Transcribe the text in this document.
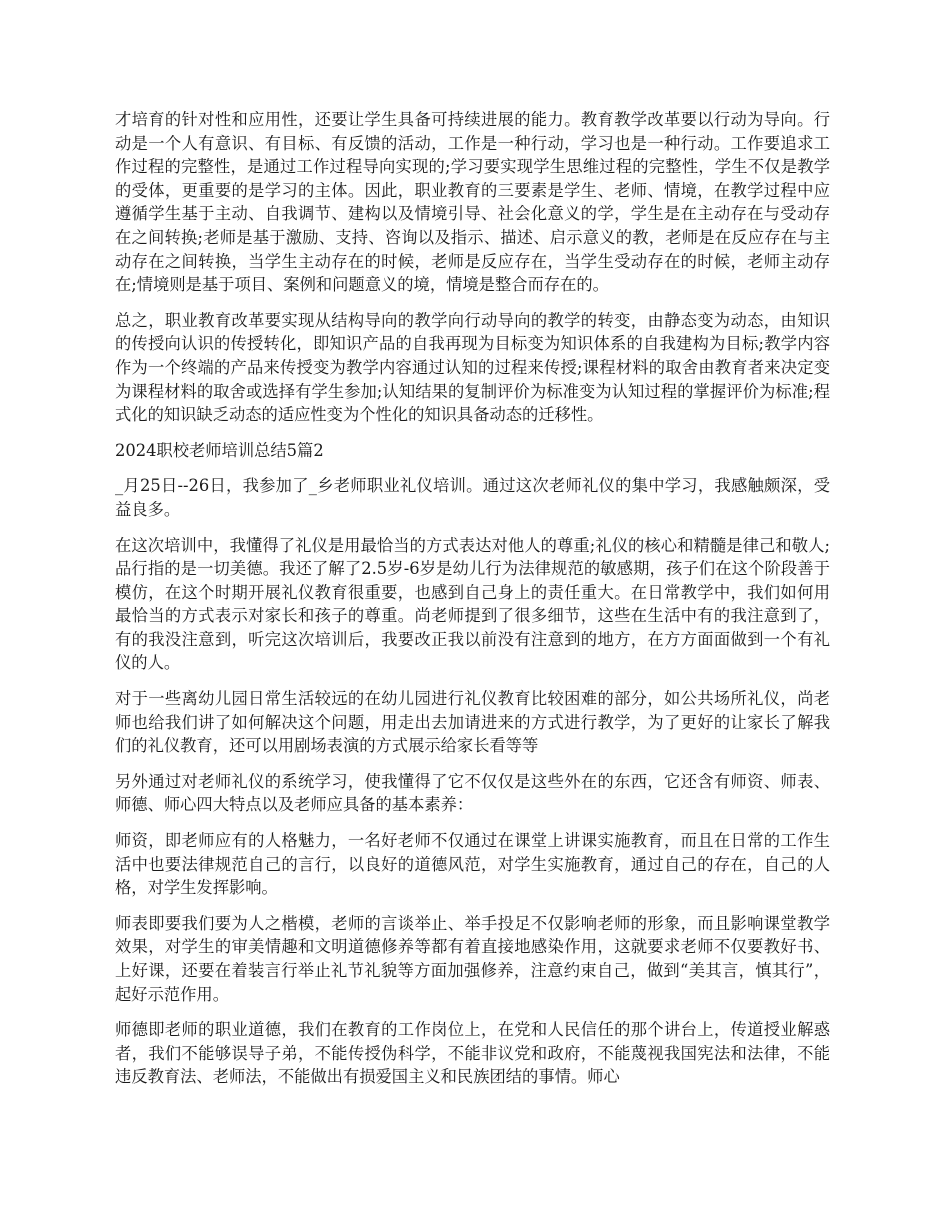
才培育的针对性和应用性，还要让学生具备可持续进展的能力。教育教学改革要以行动为导向。行动是一个人有意识、有目标、有反馈的活动，工作是一种行动，学习也是一种行动。工作要追求工作过程的完整性，是通过工作过程导向实现的;学习要实现学生思维过程的完整性，学生不仅是教学的受体，更重要的是学习的主体。因此，职业教育的三要素是学生、老师、情境，在教学过程中应遵循学生基于主动、自我调节、建构以及情境引导、社会化意义的学，学生是在主动存在与受动存在之间转换;老师是基于激励、支持、咨询以及指示、描述、启示意义的教，老师是在反应存在与主动存在之间转换，当学生主动存在的时候，老师是反应存在，当学生受动存在的时候，老师主动存在;情境则是基于项目、案例和问题意义的境，情境是整合而存在的。

总之，职业教育改革要实现从结构导向的教学向行动导向的教学的转变，由静态变为动态，由知识的传授向认识的传授转化，即知识产品的自我再现为目标变为知识体系的自我建构为目标;教学内容作为一个终端的产品来传授变为教学内容通过认知的过程来传授;课程材料的取舍由教育者来决定变为课程材料的取舍或选择有学生参加;认知结果的复制评价为标准变为认知过程的掌握评价为标准;程式化的知识缺乏动态的适应性变为个性化的知识具备动态的迁移性。

2024职校老师培训总结5篇2

_月25日--26日，我参加了_乡老师职业礼仪培训。通过这次老师礼仪的集中学习，我感触颇深，受益良多。

在这次培训中，我懂得了礼仪是用最恰当的方式表达对他人的尊重;礼仪的核心和精髓是律己和敬人;品行指的是一切美德。我还了解了2.5岁-6岁是幼儿行为法律规范的敏感期，孩子们在这个阶段善于模仿，在这个时期开展礼仪教育很重要，也感到自己身上的责任重大。在日常教学中，我们如何用最恰当的方式表示对家长和孩子的尊重。尚老师提到了很多细节，这些在生活中有的我注意到了，有的我没注意到，听完这次培训后，我要改正我以前没有注意到的地方，在方方面面做到一个有礼仪的人。

对于一些离幼儿园日常生活较远的在幼儿园进行礼仪教育比较困难的部分，如公共场所礼仪，尚老师也给我们讲了如何解决这个问题，用走出去加请进来的方式进行教学，为了更好的让家长了解我们的礼仪教育，还可以用剧场表演的方式展示给家长看等等

另外通过对老师礼仪的系统学习，使我懂得了它不仅仅是这些外在的东西，它还含有师资、师表、师德、师心四大特点以及老师应具备的基本素养：

师资，即老师应有的人格魅力，一名好老师不仅通过在课堂上讲课实施教育，而且在日常的工作生活中也要法律规范自己的言行，以良好的道德风范，对学生实施教育，通过自己的存在，自己的人格，对学生发挥影响。

师表即要我们要为人之楷模，老师的言谈举止、举手投足不仅影响老师的形象，而且影响课堂教学效果，对学生的审美情趣和文明道德修养等都有着直接地感染作用，这就要求老师不仅要教好书、上好课，还要在着装言行举止礼节礼貌等方面加强修养，注意约束自己，做到“美其言，慎其行”，起好示范作用。

师德即老师的职业道德，我们在教育的工作岗位上，在党和人民信任的那个讲台上，传道授业解惑者，我们不能够误导子弟，不能传授伪科学，不能非议党和政府，不能蔑视我国宪法和法律，不能违反教育法、老师法，不能做出有损爱国主义和民族团结的事情。师心
